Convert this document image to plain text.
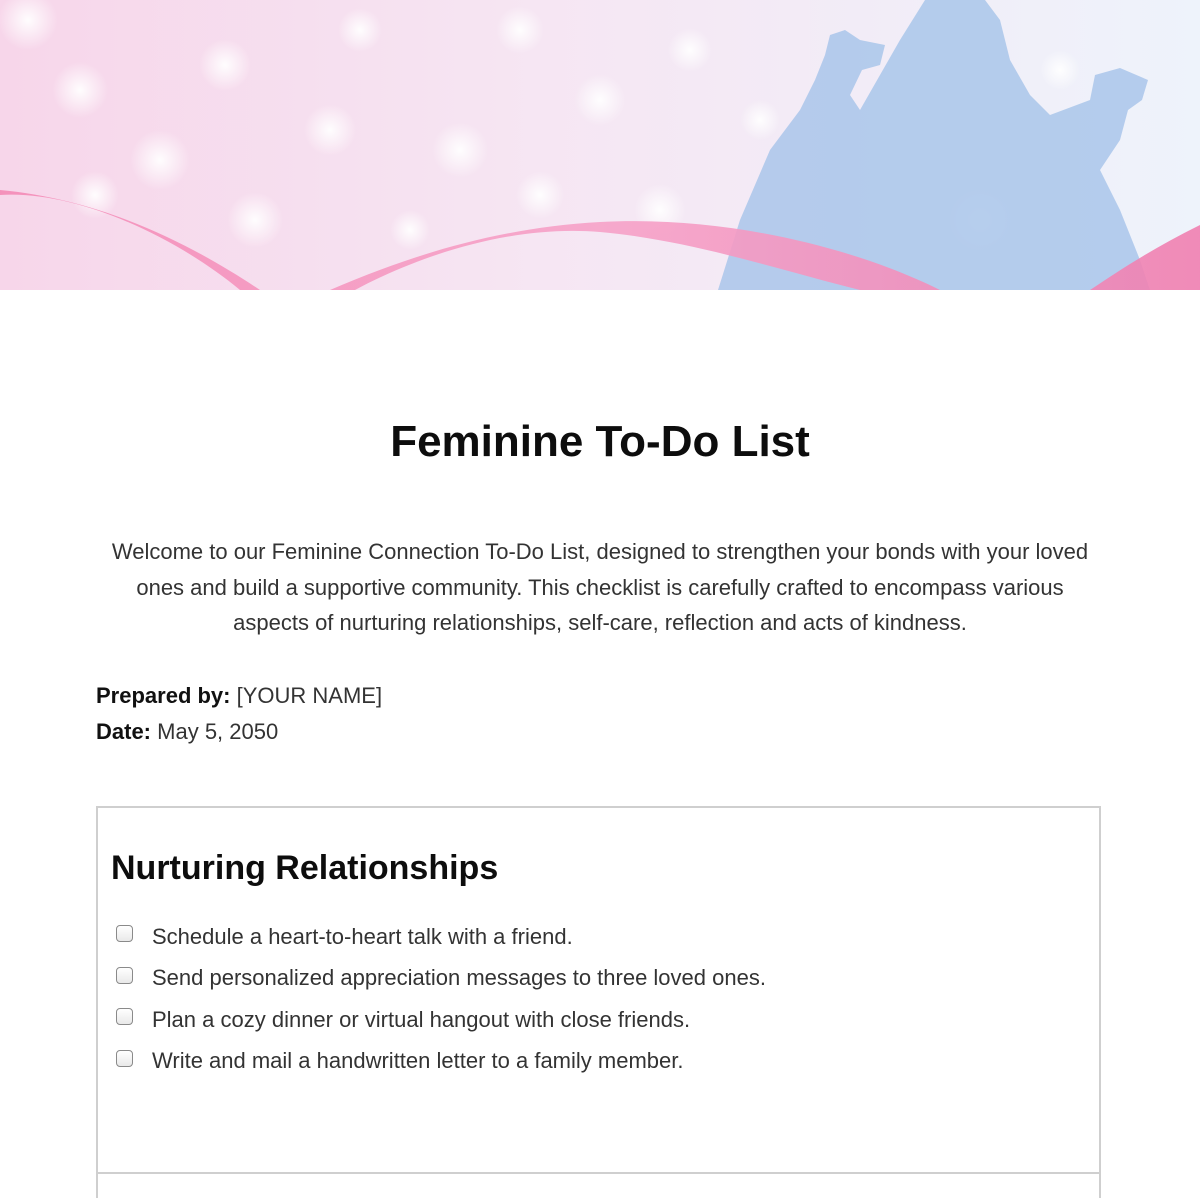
Feminine To-Do List

Welcome to our Feminine Connection To-Do List, designed to strengthen your bonds with your loved ones and build a supportive community. This checklist is carefully crafted to encompass various aspects of nurturing relationships, self-care, reflection and acts of kindness.

Prepared by: [YOUR NAME]
Date: May 5, 2050
Nurturing Relationships
Schedule a heart-to-heart talk with a friend.
Send personalized appreciation messages to three loved ones.
Plan a cozy dinner or virtual hangout with close friends.
Write and mail a handwritten letter to a family member.
